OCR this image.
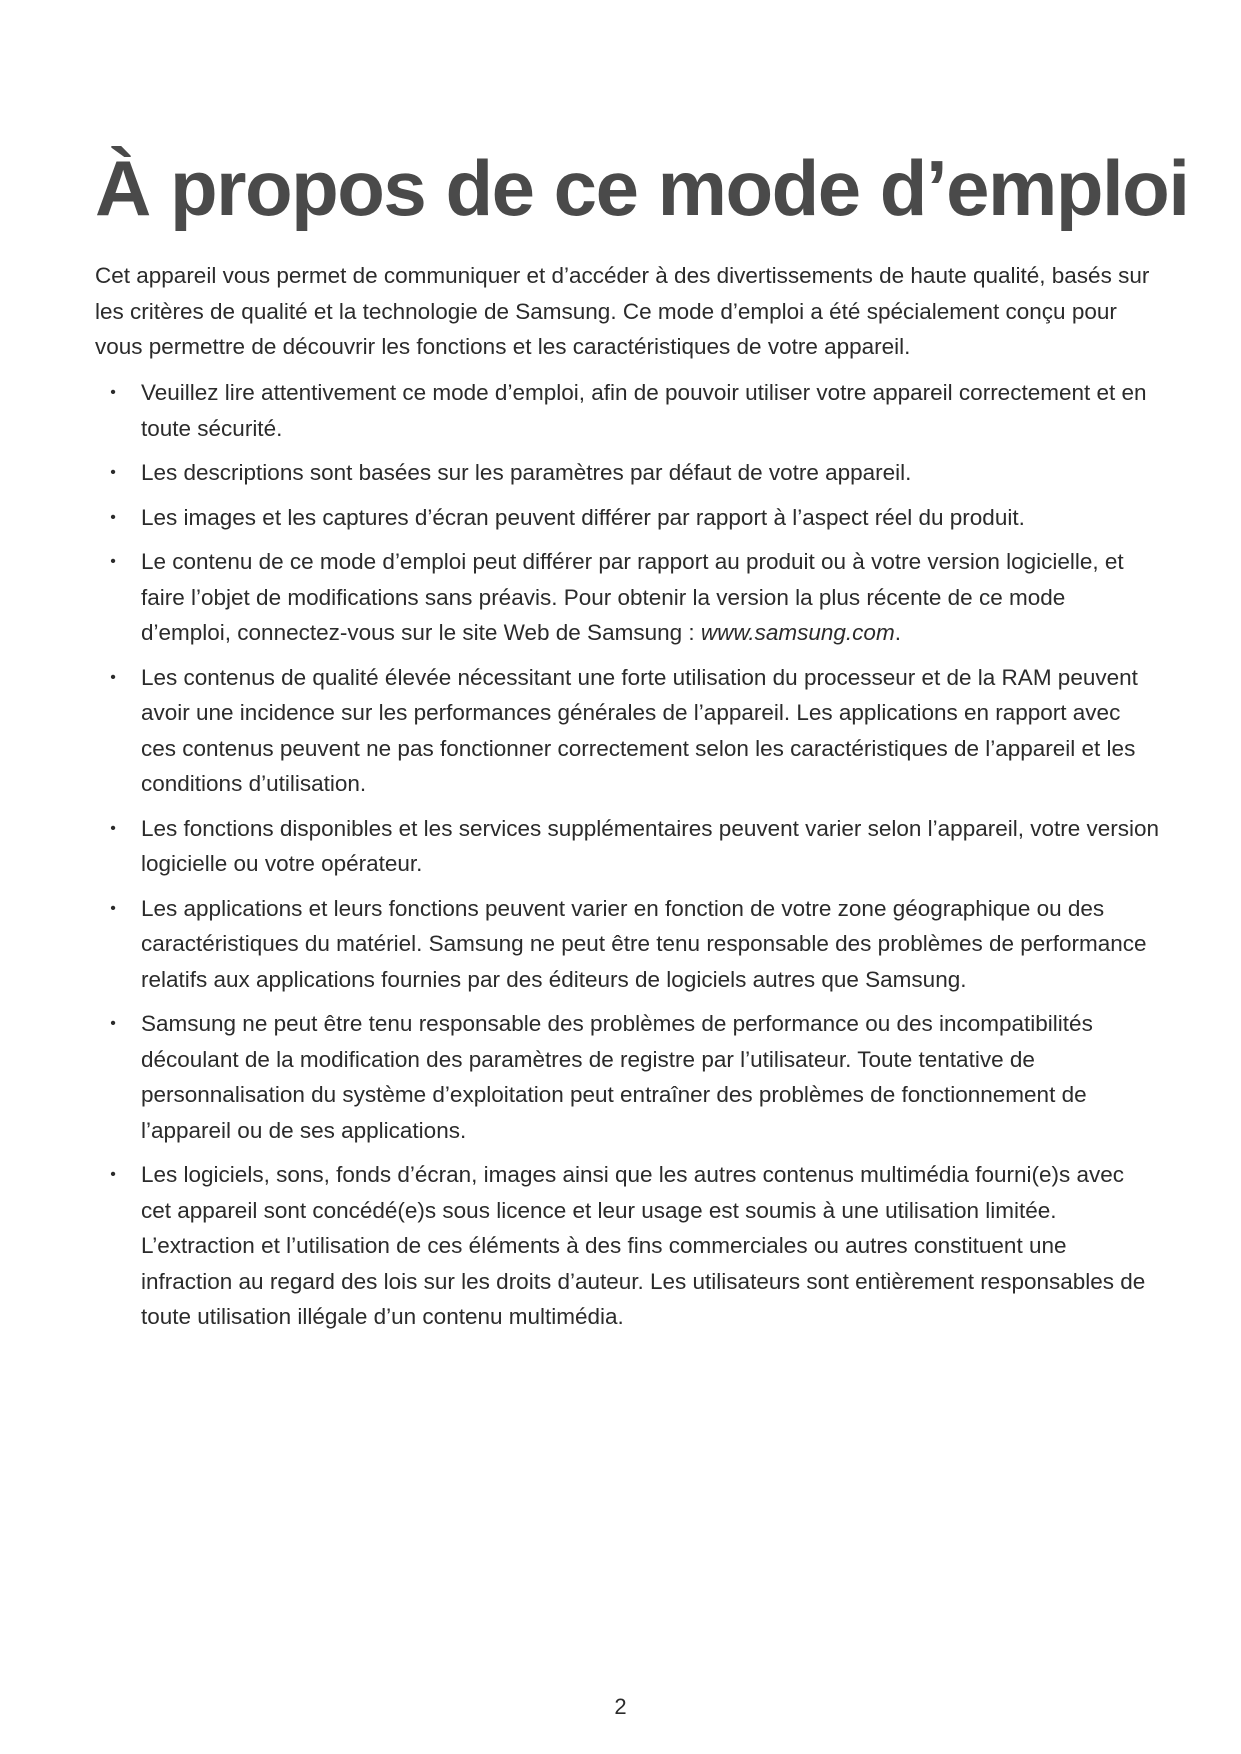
À propos de ce mode d’emploi

Cet appareil vous permet de communiquer et d’accéder à des divertissements de haute qualité, basés sur les critères de qualité et la technologie de Samsung. Ce mode d’emploi a été spécialement conçu pour vous permettre de découvrir les fonctions et les caractéristiques de votre appareil.

• Veuillez lire attentivement ce mode d’emploi, afin de pouvoir utiliser votre appareil correctement et en toute sécurité.
• Les descriptions sont basées sur les paramètres par défaut de votre appareil.
• Les images et les captures d’écran peuvent différer par rapport à l’aspect réel du produit.
• Le contenu de ce mode d’emploi peut différer par rapport au produit ou à votre version logicielle, et faire l’objet de modifications sans préavis. Pour obtenir la version la plus récente de ce mode d’emploi, connectez-vous sur le site Web de Samsung : www.samsung.com.
• Les contenus de qualité élevée nécessitant une forte utilisation du processeur et de la RAM peuvent avoir une incidence sur les performances générales de l’appareil. Les applications en rapport avec ces contenus peuvent ne pas fonctionner correctement selon les caractéristiques de l’appareil et les conditions d’utilisation.
• Les fonctions disponibles et les services supplémentaires peuvent varier selon l’appareil, votre version logicielle ou votre opérateur.
• Les applications et leurs fonctions peuvent varier en fonction de votre zone géographique ou des caractéristiques du matériel. Samsung ne peut être tenu responsable des problèmes de performance relatifs aux applications fournies par des éditeurs de logiciels autres que Samsung.
• Samsung ne peut être tenu responsable des problèmes de performance ou des incompatibilités découlant de la modification des paramètres de registre par l’utilisateur. Toute tentative de personnalisation du système d’exploitation peut entraîner des problèmes de fonctionnement de l’appareil ou de ses applications.
• Les logiciels, sons, fonds d’écran, images ainsi que les autres contenus multimédia fourni(e)s avec cet appareil sont concédé(e)s sous licence et leur usage est soumis à une utilisation limitée. L’extraction et l’utilisation de ces éléments à des fins commerciales ou autres constituent une infraction au regard des lois sur les droits d’auteur. Les utilisateurs sont entièrement responsables de toute utilisation illégale d’un contenu multimédia.
2
